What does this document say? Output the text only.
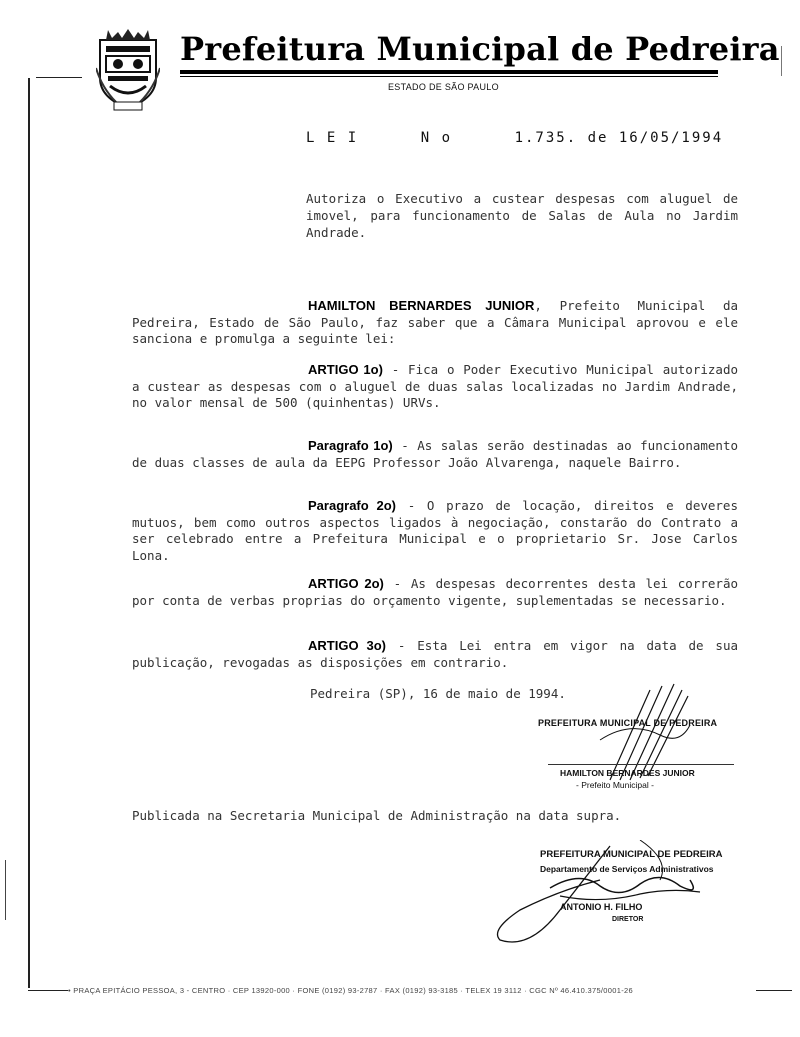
Prefeitura Municipal de Pedreira
ESTADO DE SÃO PAULO
L E I      N o      1.735. de 16/05/1994
Autoriza o Executivo a custear despesas com aluguel de imovel, para funcionamento de Salas de Aula no Jardim Andrade.
HAMILTON BERNARDES JUNIOR, Prefeito Municipal da Pedreira, Estado de São Paulo, faz saber que a Câmara Municipal aprovou e ele sanciona e promulga a seguinte lei:
ARTIGO 1o) - Fica o Poder Executivo Municipal autorizado a custear as despesas com o aluguel de duas salas localizadas no Jardim Andrade, no valor mensal de 500 (quinhentas) URVs.
Paragrafo 1o) - As salas serão destinadas ao funcionamento de duas classes de aula da EEPG Professor João Alvarenga, naquele Bairro.
Paragrafo 2o) - O prazo de locação, direitos e deveres mutuos, bem como outros aspectos ligados à negociação, constarão do Contrato a ser celebrado entre a Prefeitura Municipal e o proprietario Sr. Jose Carlos Lona.
ARTIGO 2o) - As despesas decorrentes desta lei correrão por conta de verbas proprias do orçamento vigente, suplementadas se necessario.
ARTIGO 3o) - Esta Lei entra em vigor na data de sua publicação, revogadas as disposições em contrario.
Pedreira (SP), 16 de maio de 1994.
PREFEITURA MUNICIPAL DE PEDREIRA
HAMILTON BERNARDES JUNIOR
- Prefeito Municipal -
Publicada na Secretaria Municipal de Administração na data supra.
PREFEITURA MUNICIPAL DE PEDREIRA
Departamento de Serviços Administrativos
ANTONIO H. FILHO
DIRETOR
• PRAÇA EPITÁCIO PESSOA, 3 - CENTRO · CEP 13920-000 · FONE (0192) 93-2787 · FAX (0192) 93-3185 · TELEX 19 3112 · CGC Nº 46.410.375/0001-26
